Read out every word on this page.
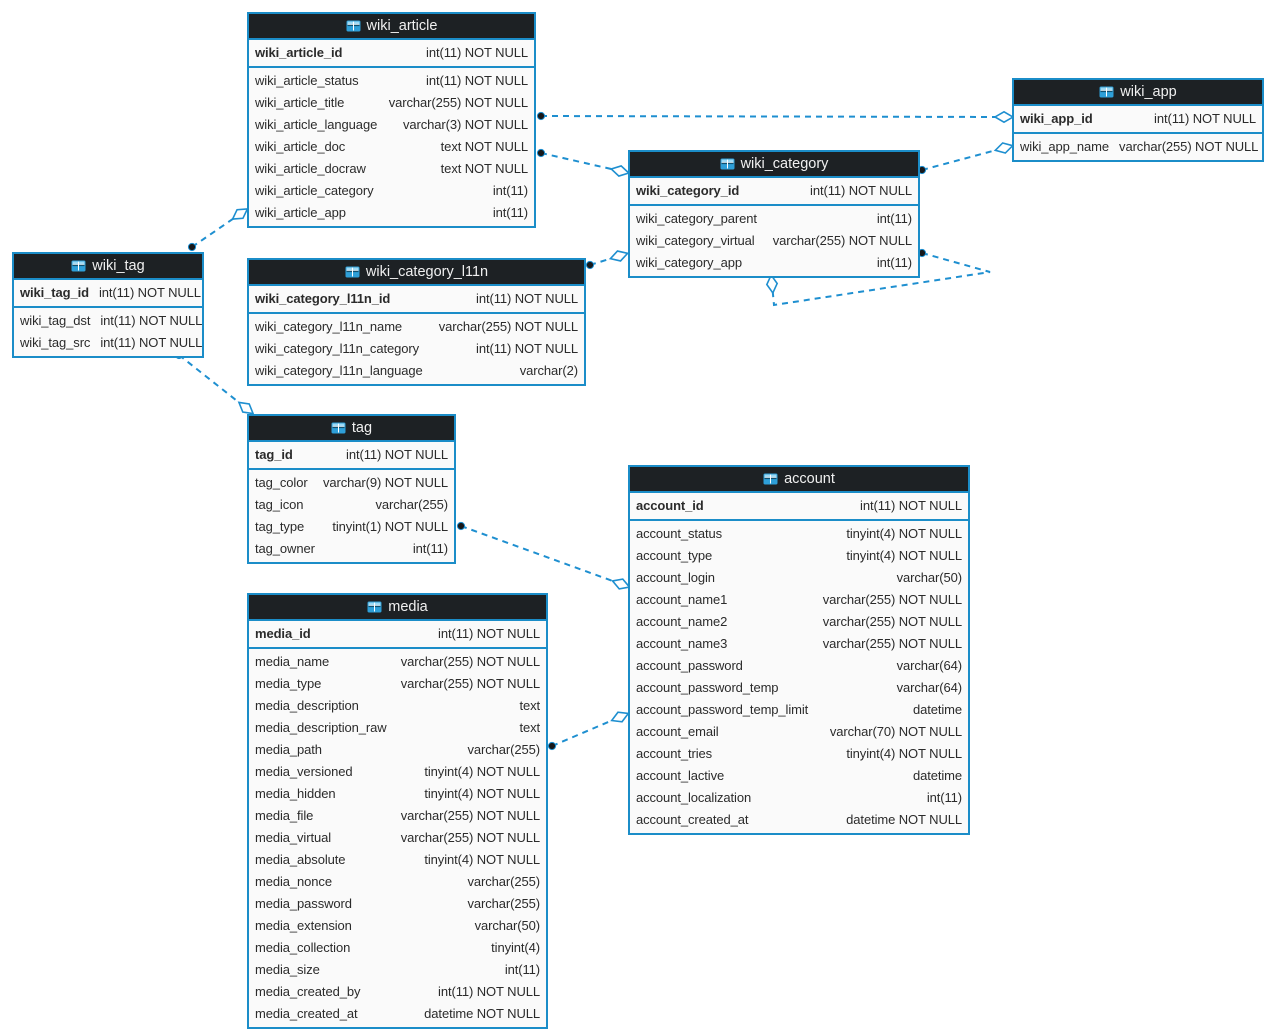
wiki_article
wiki_article_id	int(11) NOT NULL
wiki_article_status	int(11) NOT NULL
wiki_article_title	varchar(255) NOT NULL
wiki_article_language varchar(3) NOT NULL
wiki_article_doc	text NOT NULL
wiki_article_docraw	text NOT NULL
wiki_article_category	int(11)
wiki_article_app	int(11)
wiki_app
wiki_app_id	int(11) NOT NULL
wiki_app_name varchar(255) NOT NULL
wiki_category
wiki_category_id	int(11) NOT NULL
wiki_category_parent	int(11)
wiki_category_virtual varchar(255) NOT NULL
wiki_category_app	int(11)
wiki_tag
wiki_tag_id int(11) NOT NULL
wiki_tag_dst int(11) NOT NULL
wiki_tag_src int(11) NOT NULL
wiki_category_l11n
wiki_category_l11n_id	int(11) NOT NULL
wiki_category_l11n_name	varchar(255) NOT NULL
wiki_category_l11n_category	int(11) NOT NULL
wiki_category_l11n_language	varchar(2)
tag
tag_id	int(11) NOT NULL
tag_color varchar(9) NOT NULL
tag_icon	varchar(255)
tag_type tinyint(1) NOT NULL
tag_owner	int(11)
account
account_id	int(11) NOT NULL
account_status	tinyint(4) NOT NULL
account_type	tinyint(4) NOT NULL
account_login	varchar(50)
account_name1	varchar(255) NOT NULL
account_name2	varchar(255) NOT NULL
account_name3	varchar(255) NOT NULL
account_password	varchar(64)
account_password_temp	varchar(64)
account_password_temp_limit	datetime
account_email	varchar(70) NOT NULL
account_tries	tinyint(4) NOT NULL
account_lactive	datetime
account_localization	int(11)
account_created_at	datetime NOT NULL
media
media_id	int(11) NOT NULL
media_name	varchar(255) NOT NULL
media_type	varchar(255) NOT NULL
media_description	text
media_description_raw	text
media_path	varchar(255)
media_versioned	tinyint(4) NOT NULL
media_hidden	tinyint(4) NOT NULL
media_file	varchar(255) NOT NULL
media_virtual	varchar(255) NOT NULL
media_absolute	tinyint(4) NOT NULL
media_nonce	varchar(255)
media_password	varchar(255)
media_extension	varchar(50)
media_collection	tinyint(4)
media_size	int(11)
media_created_by	int(11) NOT NULL
media_created_at	datetime NOT NULL
